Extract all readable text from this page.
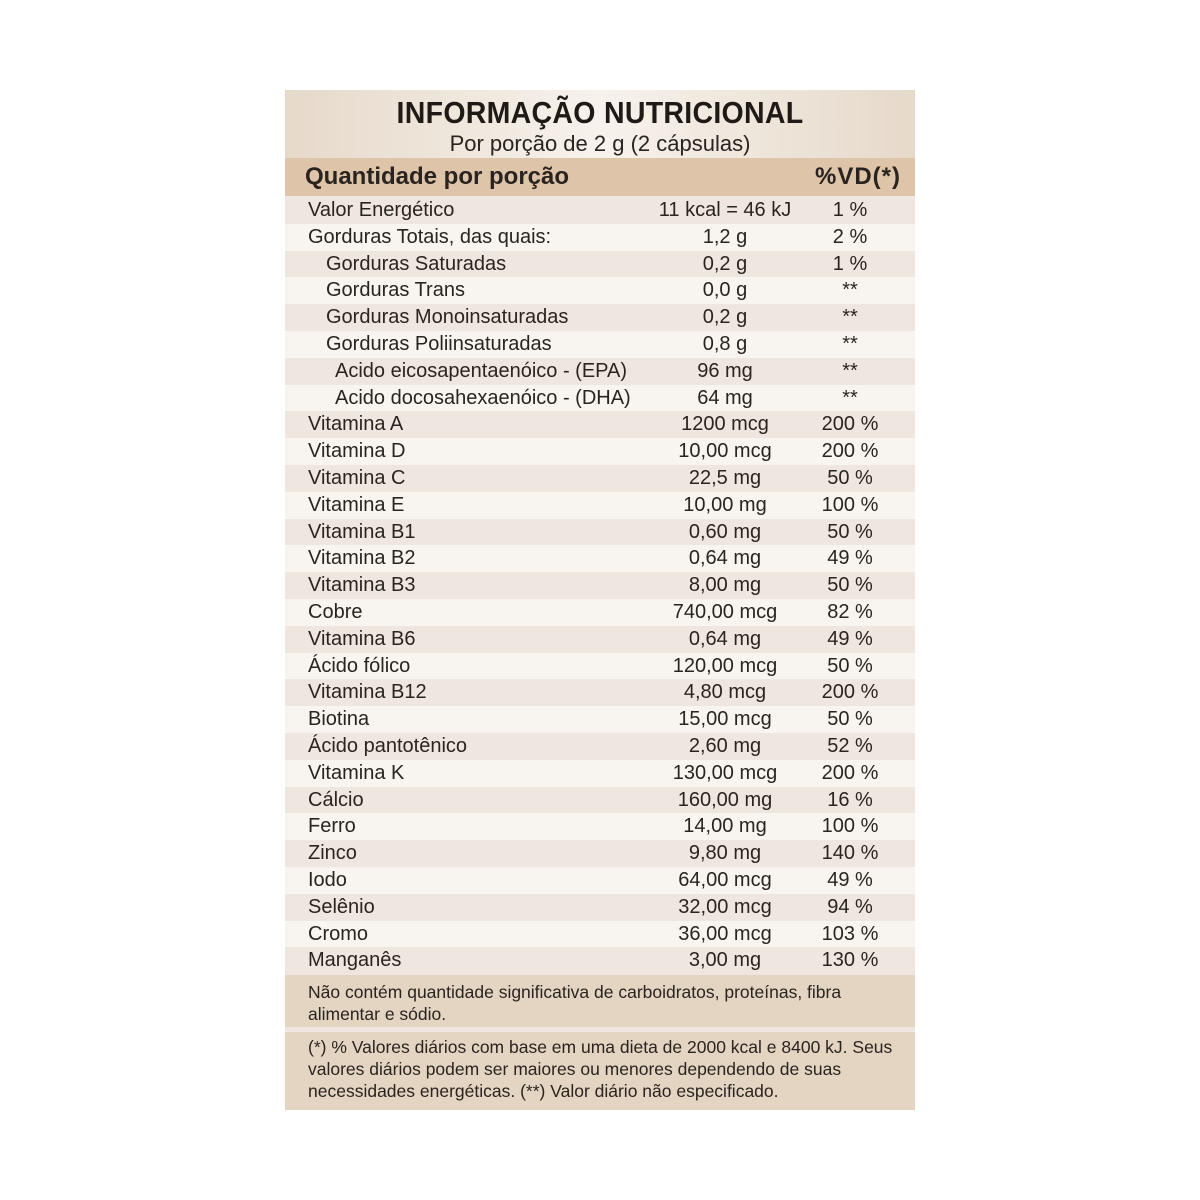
INFORMAÇÃO NUTRICIONAL
Por porção de 2 g (2 cápsulas)
Quantidade por porção	%VD(*)
Valor Energético	11 kcal = 46 kJ	1 %
Gorduras Totais, das quais:	1,2 g	2 %
Gorduras Saturadas	0,2 g	1 %
Gorduras Trans	0,0 g	**
Gorduras Monoinsaturadas	0,2 g	**
Gorduras Poliinsaturadas	0,8 g	**
Acido eicosapentaenóico - (EPA)	96 mg	**
Acido docosahexaenóico - (DHA)	64 mg	**
Vitamina A	1200 mcg	200 %
Vitamina D	10,00 mcg	200 %
Vitamina C	22,5 mg	50 %
Vitamina E	10,00 mg	100 %
Vitamina B1	0,60 mg	50 %
Vitamina B2	0,64 mg	49 %
Vitamina B3	8,00 mg	50 %
Cobre	740,00 mcg	82 %
Vitamina B6	0,64 mg	49 %
Ácido fólico	120,00 mcg	50 %
Vitamina B12	4,80 mcg	200 %
Biotina	15,00 mcg	50 %
Ácido pantotênico	2,60 mg	52 %
Vitamina K	130,00 mcg	200 %
Cálcio	160,00 mg	16 %
Ferro	14,00 mg	100 %
Zinco	9,80 mg	140 %
Iodo	64,00 mcg	49 %
Selênio	32,00 mcg	94 %
Cromo	36,00 mcg	103 %
Manganês	3,00 mg	130 %

Não contém quantidade significativa de carboidratos, proteínas, fibra alimentar e sódio.

(*) % Valores diários com base em uma dieta de 2000 kcal e 8400 kJ. Seus valores diários podem ser maiores ou menores dependendo de suas necessidades energéticas. (**) Valor diário não especificado.
